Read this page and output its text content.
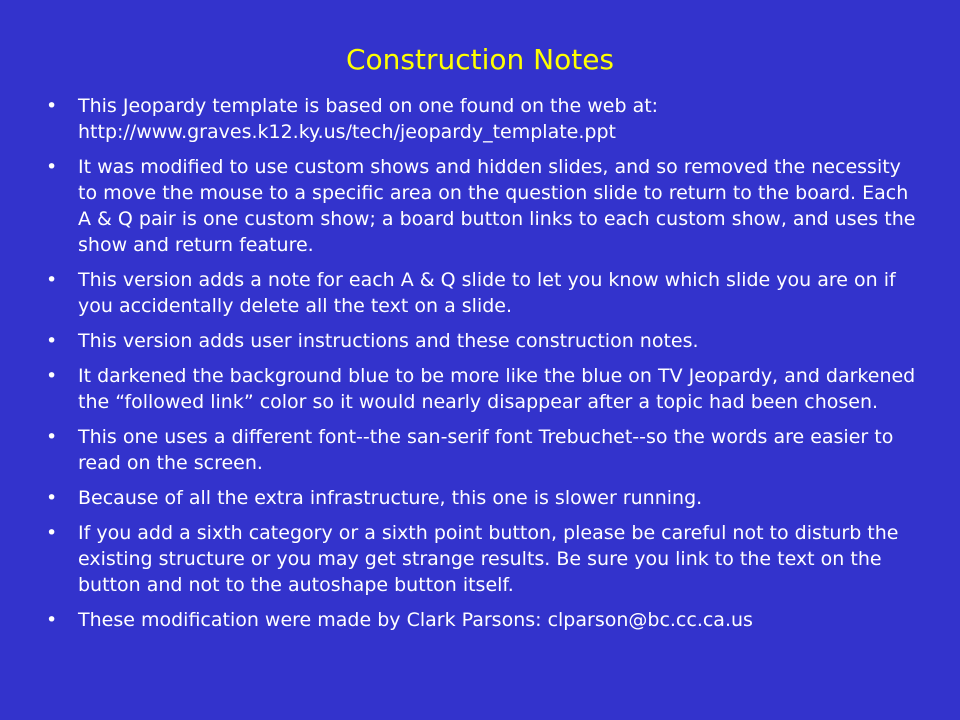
Construction Notes
•	This Jeopardy template is based on one found on the web at: http://www.graves.k12.ky.us/tech/jeopardy_template.ppt
•	It was modified to use custom shows and hidden slides, and so removed the necessity to move the mouse to a specific area on the question slide to return to the board. Each A & Q pair is one custom show; a board button links to each custom show, and uses the show and return feature.
•	This version adds a note for each A & Q slide to let you know which slide you are on if you accidentally delete all the text on a slide.
•	This version adds user instructions and these construction notes.
•	It darkened the background blue to be more like the blue on TV Jeopardy, and darkened the “followed link” color so it would nearly disappear after a topic had been chosen.
•	This one uses a different font--the san-serif font Trebuchet--so the words are easier to read on the screen.
•	Because of all the extra infrastructure, this one is slower running.
•	If you add a sixth category or a sixth point button, please be careful not to disturb the existing structure or you may get strange results. Be sure you link to the text on the button and not to the autoshape button itself.
•	These modification were made by Clark Parsons: clparson@bc.cc.ca.us
